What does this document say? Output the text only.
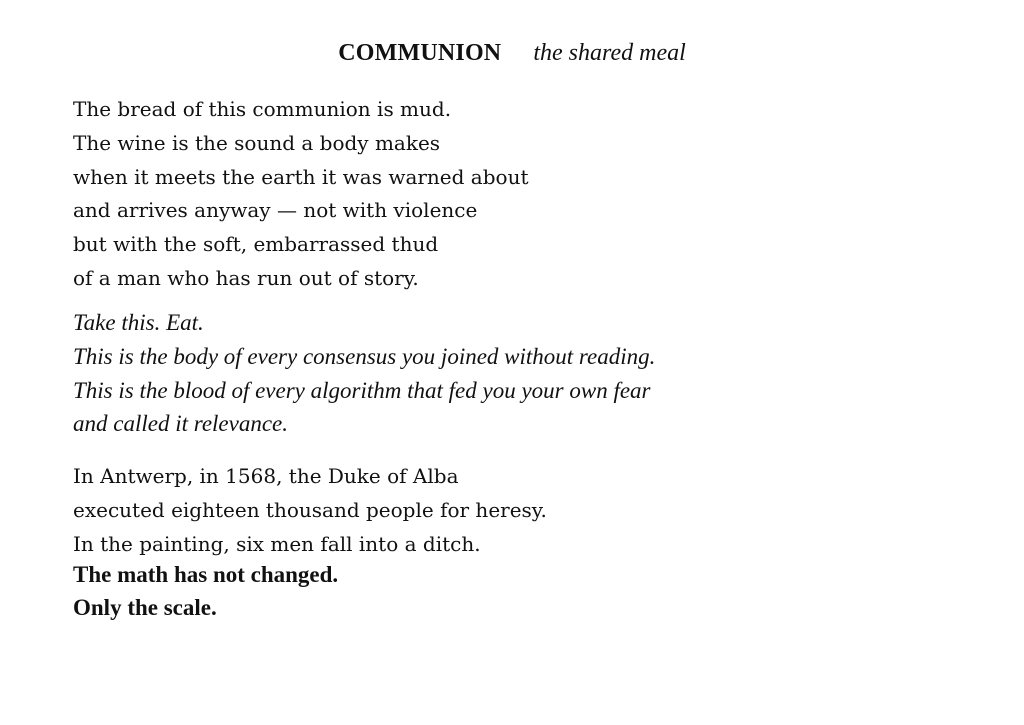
COMMUNION the shared meal
The bread of this communion is mud.
The wine is the sound a body makes
when it meets the earth it was warned about
and arrives anyway — not with violence
but with the soft, embarrassed thud
of a man who has run out of story.
Take this. Eat.
This is the body of every consensus you joined without reading.
This is the blood of every algorithm that fed you your own fear
and called it relevance.
In Antwerp, in 1568, the Duke of Alba
executed eighteen thousand people for heresy.
In the painting, six men fall into a ditch.
The math has not changed.
Only the scale.
